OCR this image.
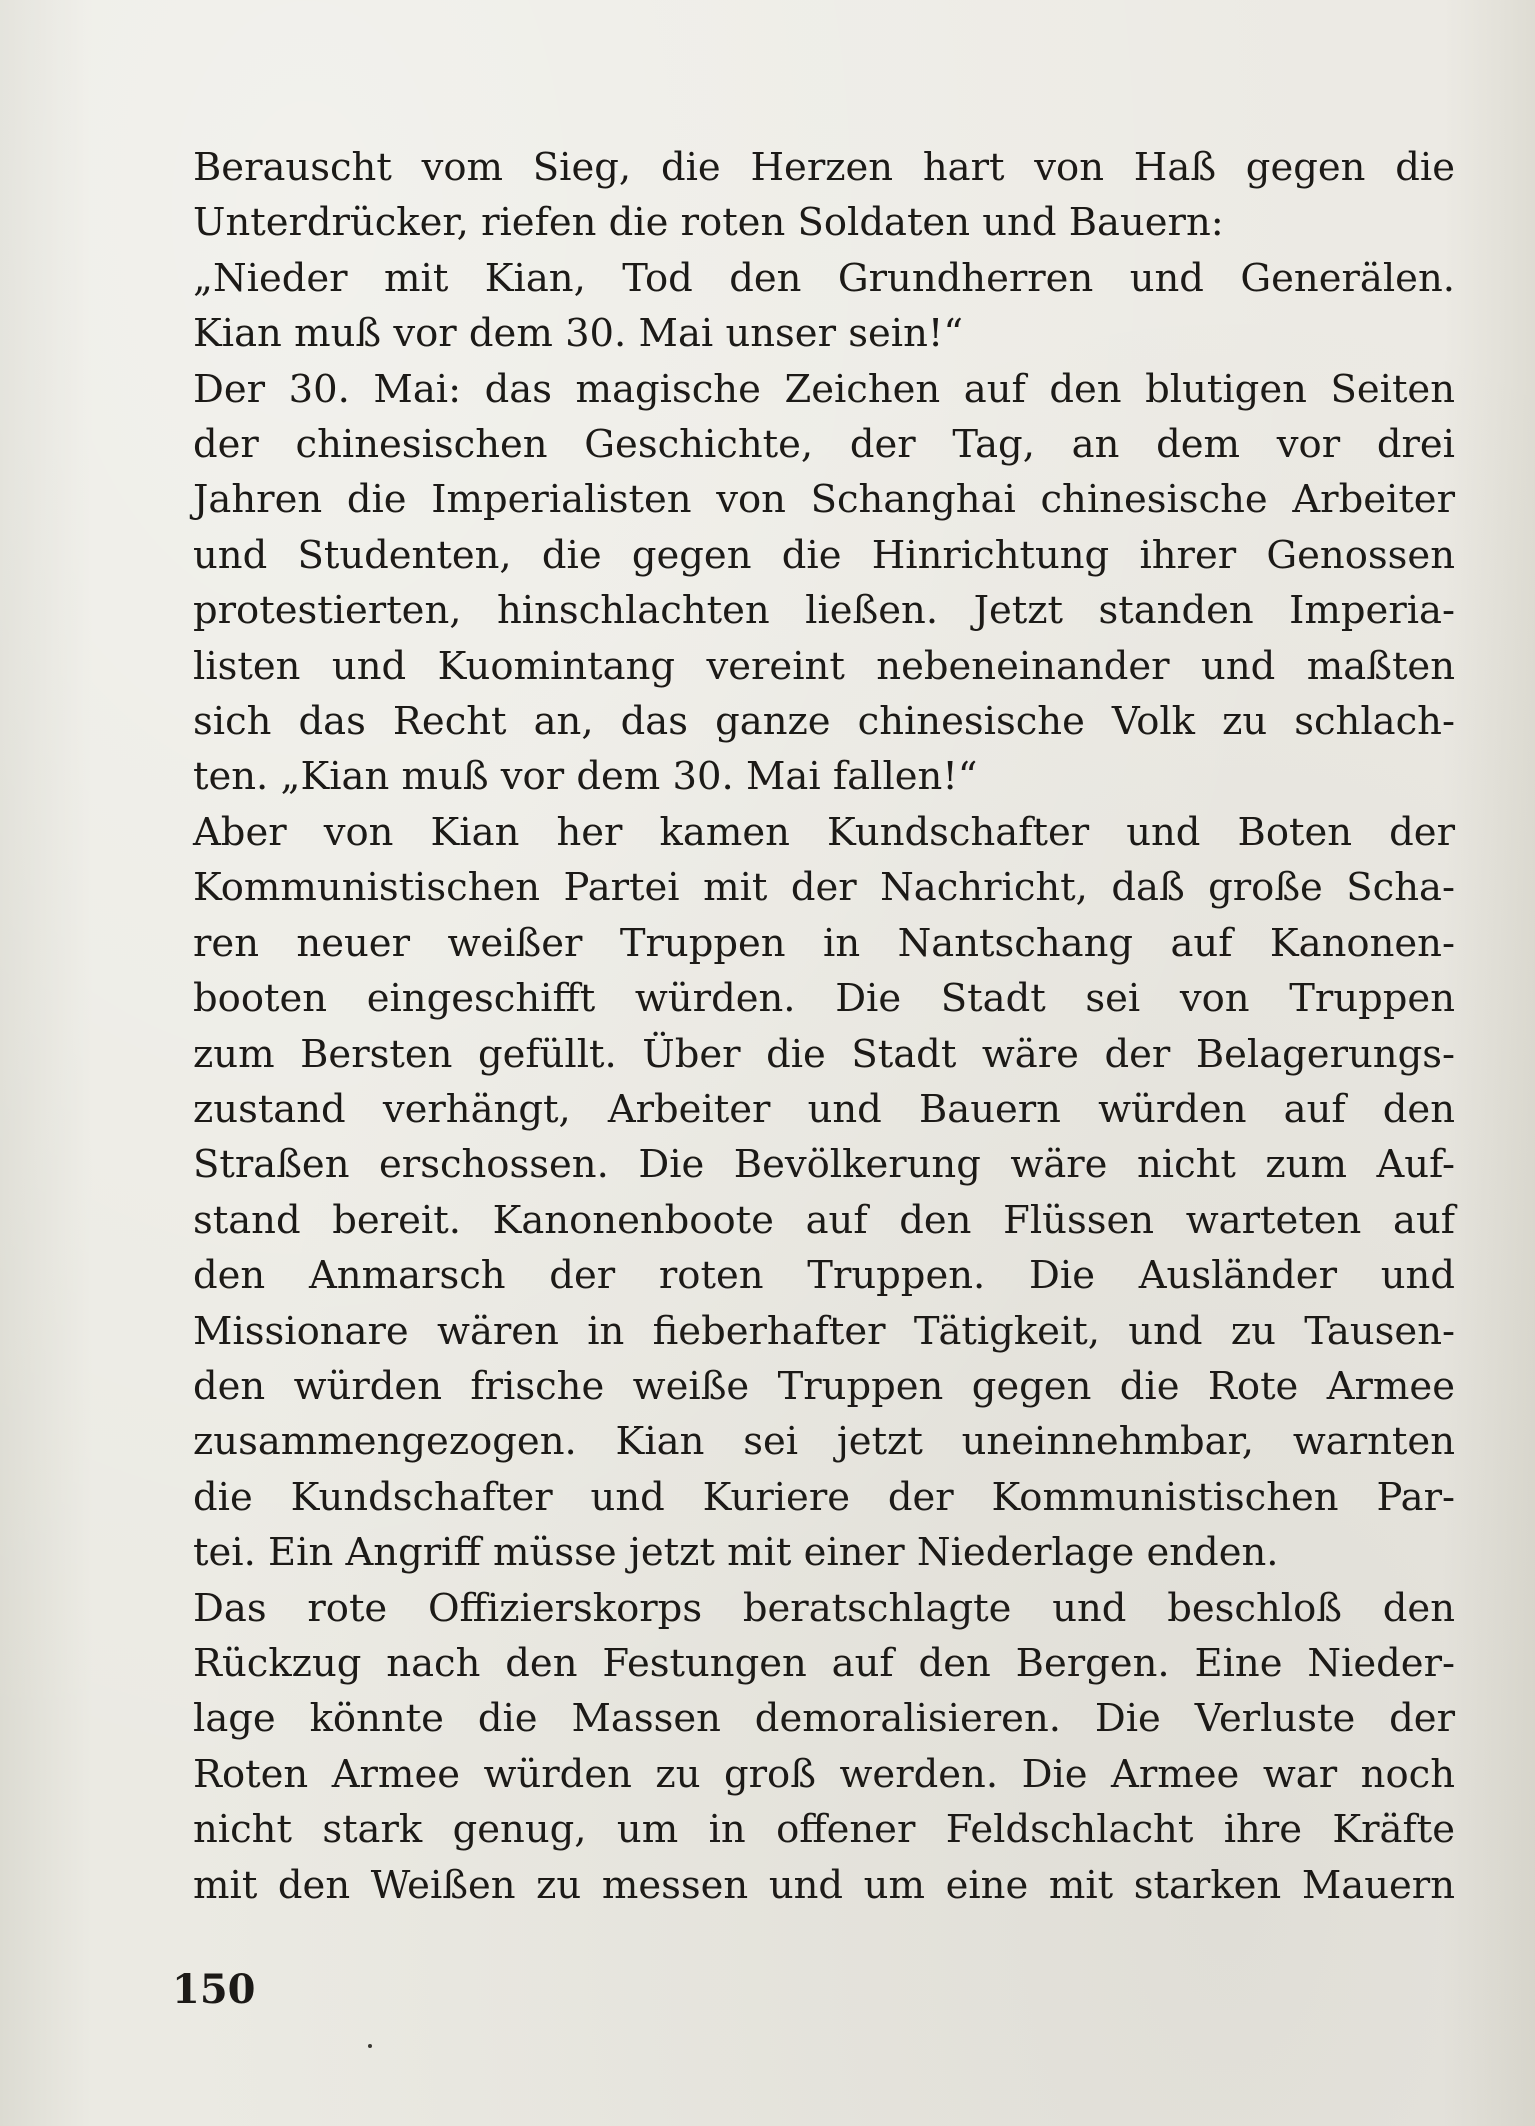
Berauscht vom Sieg, die Herzen hart von Haß gegen die
Unterdrücker, riefen die roten Soldaten und Bauern:
„Nieder mit Kian, Tod den Grundherren und Generälen.
Kian muß vor dem 30. Mai unser sein!“
Der 30. Mai: das magische Zeichen auf den blutigen Seiten
der chinesischen Geschichte, der Tag, an dem vor drei
Jahren die Imperialisten von Schanghai chinesische Arbeiter
und Studenten, die gegen die Hinrichtung ihrer Genossen
protestierten, hinschlachten ließen. Jetzt standen Imperia-
listen und Kuomintang vereint nebeneinander und maßten
sich das Recht an, das ganze chinesische Volk zu schlach-
ten. „Kian muß vor dem 30. Mai fallen!“
Aber von Kian her kamen Kundschafter und Boten der
Kommunistischen Partei mit der Nachricht, daß große Scha-
ren neuer weißer Truppen in Nantschang auf Kanonen-
booten eingeschifft würden. Die Stadt sei von Truppen
zum Bersten gefüllt. Über die Stadt wäre der Belagerungs-
zustand verhängt, Arbeiter und Bauern würden auf den
Straßen erschossen. Die Bevölkerung wäre nicht zum Auf-
stand bereit. Kanonenboote auf den Flüssen warteten auf
den Anmarsch der roten Truppen. Die Ausländer und
Missionare wären in fieberhafter Tätigkeit, und zu Tausen-
den würden frische weiße Truppen gegen die Rote Armee
zusammengezogen. Kian sei jetzt uneinnehmbar, warnten
die Kundschafter und Kuriere der Kommunistischen Par-
tei. Ein Angriff müsse jetzt mit einer Niederlage enden.
Das rote Offizierskorps beratschlagte und beschloß den
Rückzug nach den Festungen auf den Bergen. Eine Nieder-
lage könnte die Massen demoralisieren. Die Verluste der
Roten Armee würden zu groß werden. Die Armee war noch
nicht stark genug, um in offener Feldschlacht ihre Kräfte
mit den Weißen zu messen und um eine mit starken Mauern
150
